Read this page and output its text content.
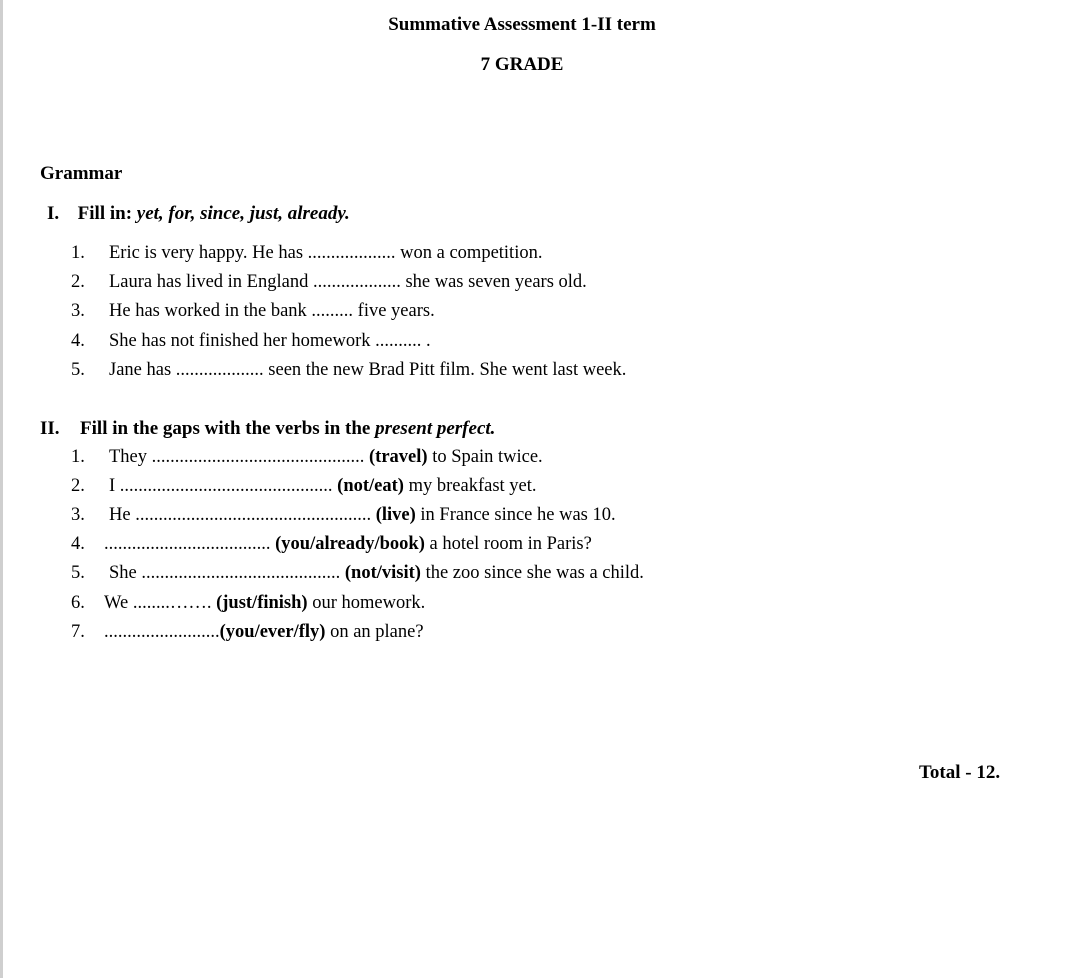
Summative Assessment 1-II term
7 GRADE
Grammar
I. Fill in: yet, for, since, just, already.
1. Eric is very happy. He has ................... won a competition.
2. Laura has lived in England ................... she was seven years old.
3. He has worked in the bank ......... five years.
4. She has not finished her homework .......... .
5. Jane has ................... seen the new Brad Pitt film. She went last week.
II. Fill in the gaps with the verbs in the present perfect.
1. They .............................................. (travel) to Spain twice.
2. I .............................................. (not/eat) my breakfast yet.
3. He ................................................... (live) in France since he was 10.
4. .................................... (you/already/book) a hotel room in Paris?
5. She ........................................... (not/visit) the zoo since she was a child.
6. We ........……. (just/finish) our homework.
7. .........................(you/ever/fly) on an plane?
Total - 12.
